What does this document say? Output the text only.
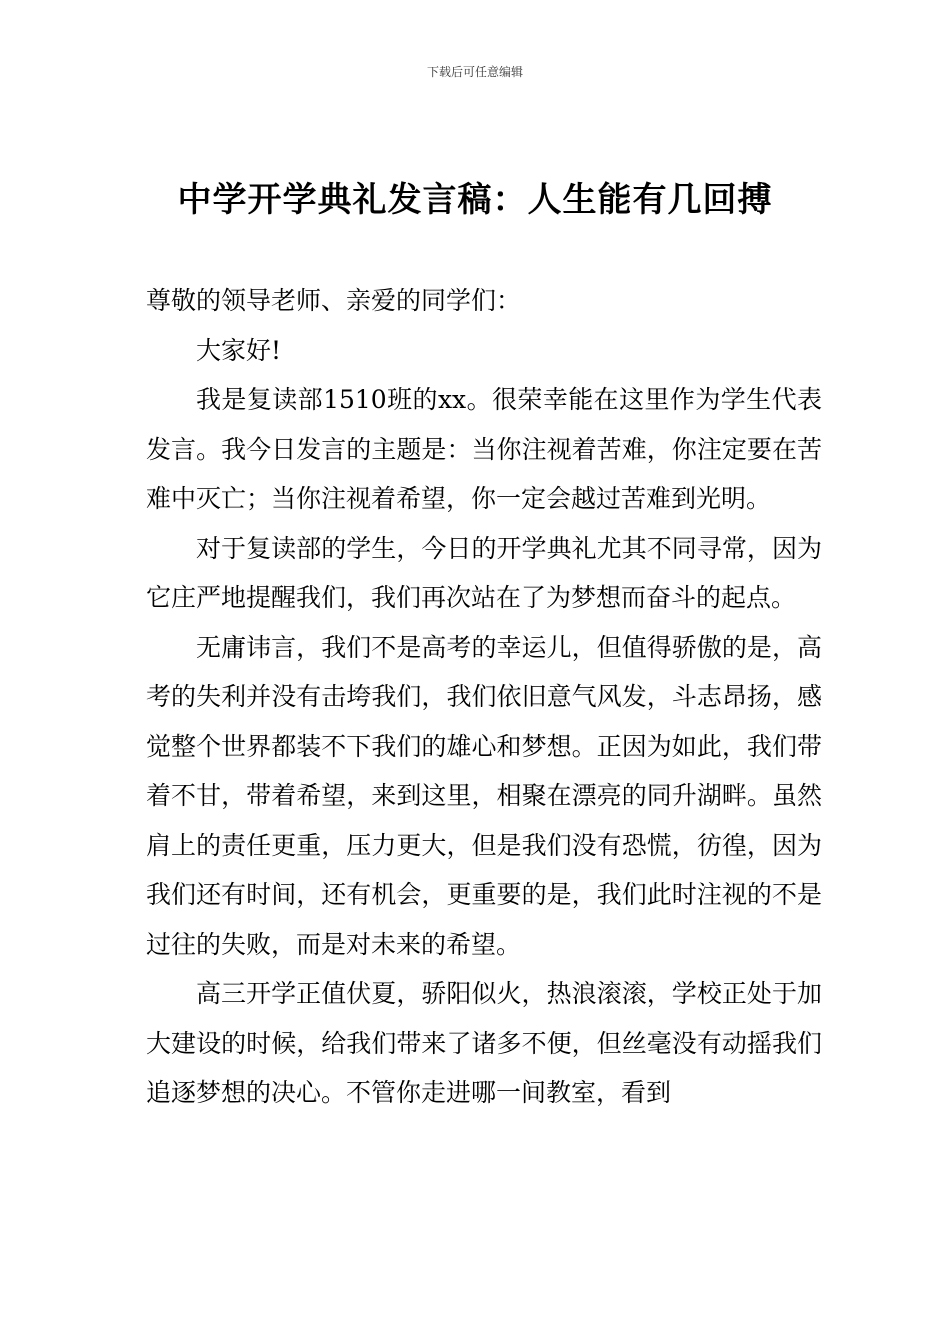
下载后可任意编辑
中学开学典礼发言稿：人生能有几回搏

尊敬的领导老师、亲爱的同学们：

大家好!

我是复读部1510班的xx。很荣幸能在这里作为学生代表发言。我今日发言的主题是：当你注视着苦难，你注定要在苦难中灭亡；当你注视着希望，你一定会越过苦难到光明。

对于复读部的学生，今日的开学典礼尤其不同寻常，因为它庄严地提醒我们，我们再次站在了为梦想而奋斗的起点。

无庸讳言，我们不是高考的幸运儿，但值得骄傲的是，高考的失利并没有击垮我们，我们依旧意气风发，斗志昂扬，感觉整个世界都装不下我们的雄心和梦想。正因为如此，我们带着不甘，带着希望，来到这里，相聚在漂亮的同升湖畔。虽然肩上的责任更重，压力更大，但是我们没有恐慌，彷徨，因为我们还有时间，还有机会，更重要的是，我们此时注视的不是过往的失败，而是对未来的希望。

高三开学正值伏夏，骄阳似火，热浪滚滚，学校正处于加大建设的时候，给我们带来了诸多不便，但丝毫没有动摇我们追逐梦想的决心。不管你走进哪一间教室，看到
